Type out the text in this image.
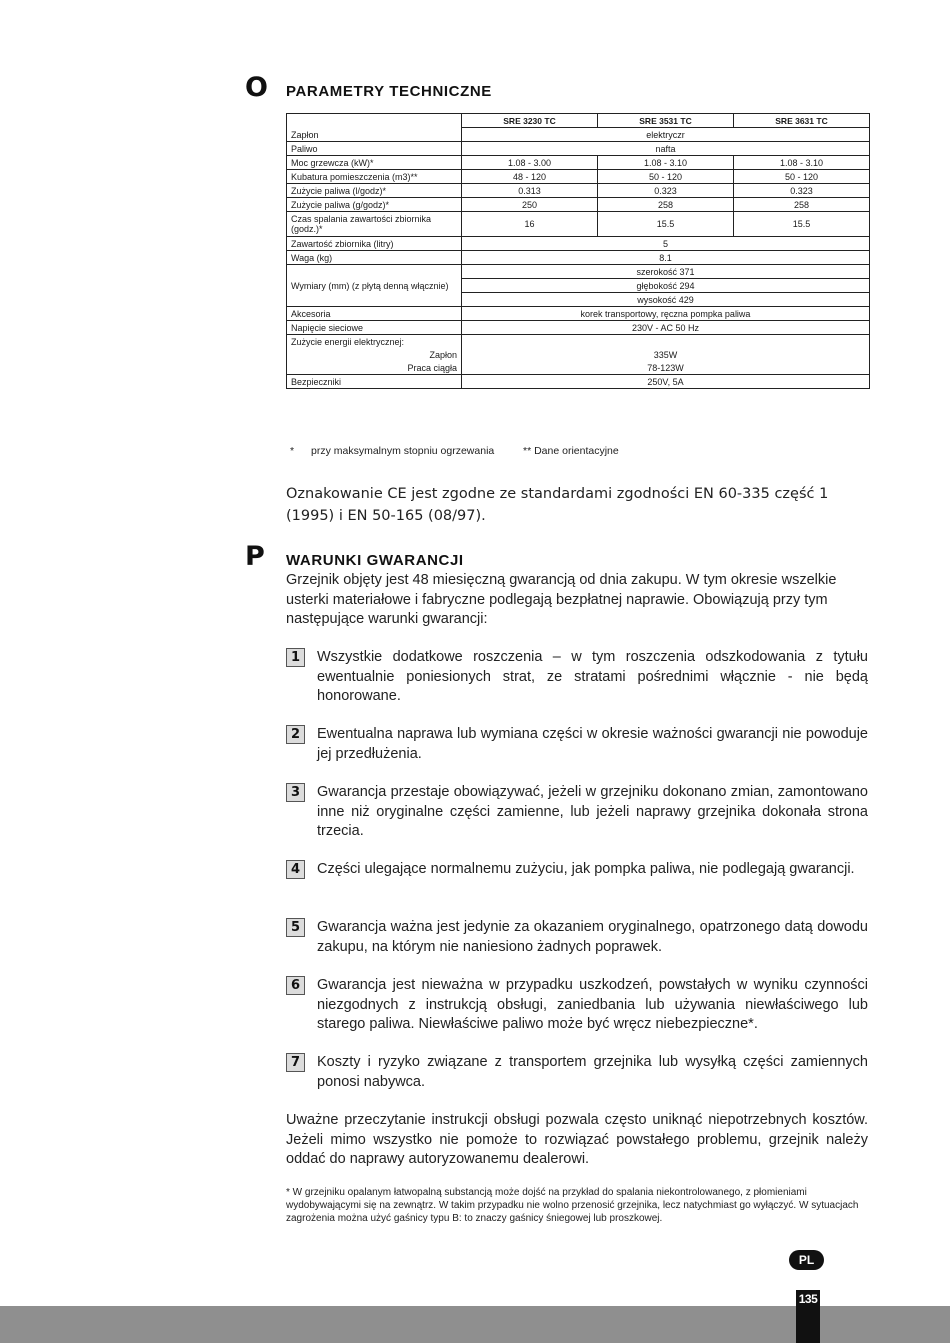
O PARAMETRY TECHNICZNE
	SRE 3230 TC	SRE 3531 TC	SRE 3631 TC
Zapłon	elektryczr		
Paliwo	nafta		
Moc grzewcza (kW)*	1.08 - 3.00	1.08 - 3.10	1.08 - 3.10
Kubatura pomieszczenia (m3)**	48 - 120	50 - 120	50 - 120
Zużycie paliwa (l/godz)*	0.313	0.323	0.323
Zużycie paliwa (g/godz)*	250	258	258
Czas spalania zawartości zbiornika (godz.)*	16	15.5	15.5
Zawartość zbiornika (litry)	5		
Waga (kg)	8.1		
Wymiary (mm) (z płytą denną włącznie)	szerokość 371		
	głębokość 294		
	wysokość 429		
Akcesoria	korek transportowy, ręczna pompka paliwa		
Napięcie sieciowe	230V - AC 50 Hz		
Zużycie energii elektrycznej:			
Zapłon	335W		
Praca ciągła	78-123W		
Bezpieczniki	250V, 5A		
* przy maksymalnym stopniu ogrzewania	** Dane orientacyjne
Oznakowanie CE jest zgodne ze standardami zgodności EN 60-335 część 1 (1995) i EN 50-165 (08/97).
P WARUNKI GWARANCJI
Grzejnik objęty jest 48 miesięczną gwarancją od dnia zakupu. W tym okresie wszelkie usterki materiałowe i fabryczne podlegają bezpłatnej naprawie. Obowiązują przy tym następujące warunki gwarancji:
1	Wszystkie dodatkowe roszczenia – w tym roszczenia odszkodowania z tytułu ewentualnie poniesionych strat, ze stratami pośrednimi włącznie - nie będą honorowane.
2	Ewentualna naprawa lub wymiana części w okresie ważności gwarancji nie powoduje jej przedłużenia.
3	Gwarancja przestaje obowiązywać, jeżeli w grzejniku dokonano zmian, zamontowano inne niż oryginalne części zamienne, lub jeżeli naprawy grzejnika dokonała strona trzecia.
4	Części ulegające normalnemu zużyciu, jak pompka paliwa, nie podlegają gwarancji.
5	Gwarancja ważna jest jedynie za okazaniem oryginalnego, opatrzonego datą dowodu zakupu, na którym nie naniesiono żadnych poprawek.
6	Gwarancja jest nieważna w przypadku uszkodzeń, powstałych w wyniku czynności niezgodnych z instrukcją obsługi, zaniedbania lub używania niewłaściwego lub starego paliwa. Niewłaściwe paliwo może być wręcz niebezpieczne*.
7	Koszty i ryzyko związane z transportem grzejnika lub wysyłką części zamiennych ponosi nabywca.
Uważne przeczytanie instrukcji obsługi pozwala często uniknąć niepotrzebnych kosztów. Jeżeli mimo wszystko nie pomoże to rozwiązać powstałego problemu, grzejnik należy oddać do naprawy autoryzowanemu dealerowi.
* W grzejniku opalanym łatwopalną substancją może dojść na przykład do spalania niekontrolowanego, z płomieniami wydobywającymi się na zewnątrz. W takim przypadku nie wolno przenosić grzejnika, lecz natychmiast go wyłączyć. W sytuacjach zagrożenia można użyć gaśnicy typu B: to znaczy gaśnicy śniegowej lub proszkowej.
PL
135
